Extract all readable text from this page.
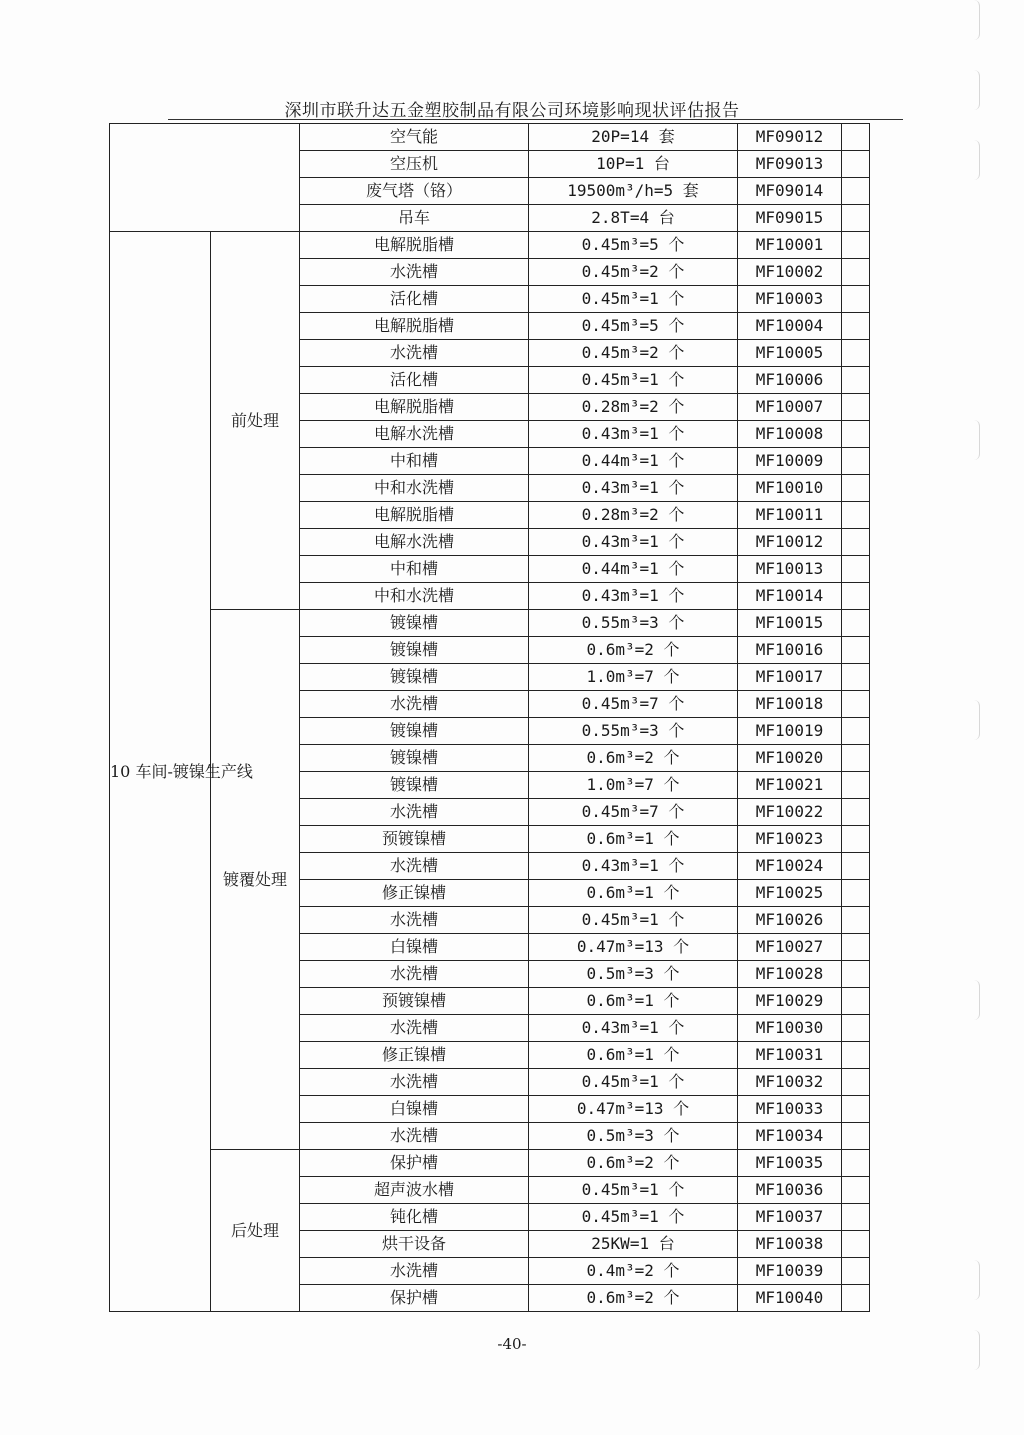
深圳市联升达五金塑胶制品有限公司环境影响现状评估报告
		空气能	20P=14 套	MF09012	
		空压机	10P=1 台	MF09013	
		废气塔（铬）	19500m³/h=5 套	MF09014	
		吊车	2.8T=4 台	MF09015	
10 车间-镀镍生产线	前处理	电解脱脂槽	0.45m³=5 个	MF10001	
		水洗槽	0.45m³=2 个	MF10002	
		活化槽	0.45m³=1 个	MF10003	
		电解脱脂槽	0.45m³=5 个	MF10004	
		水洗槽	0.45m³=2 个	MF10005	
		活化槽	0.45m³=1 个	MF10006	
		电解脱脂槽	0.28m³=2 个	MF10007	
		电解水洗槽	0.43m³=1 个	MF10008	
		中和槽	0.44m³=1 个	MF10009	
		中和水洗槽	0.43m³=1 个	MF10010	
		电解脱脂槽	0.28m³=2 个	MF10011	
		电解水洗槽	0.43m³=1 个	MF10012	
		中和槽	0.44m³=1 个	MF10013	
		中和水洗槽	0.43m³=1 个	MF10014	
	镀覆处理	镀镍槽	0.55m³=3 个	MF10015	
		镀镍槽	0.6m³=2 个	MF10016	
		镀镍槽	1.0m³=7 个	MF10017	
		水洗槽	0.45m³=7 个	MF10018	
		镀镍槽	0.55m³=3 个	MF10019	
		镀镍槽	0.6m³=2 个	MF10020	
		镀镍槽	1.0m³=7 个	MF10021	
		水洗槽	0.45m³=7 个	MF10022	
		预镀镍槽	0.6m³=1 个	MF10023	
		水洗槽	0.43m³=1 个	MF10024	
		修正镍槽	0.6m³=1 个	MF10025	
		水洗槽	0.45m³=1 个	MF10026	
		白镍槽	0.47m³=13 个	MF10027	
		水洗槽	0.5m³=3 个	MF10028	
		预镀镍槽	0.6m³=1 个	MF10029	
		水洗槽	0.43m³=1 个	MF10030	
		修正镍槽	0.6m³=1 个	MF10031	
		水洗槽	0.45m³=1 个	MF10032	
		白镍槽	0.47m³=13 个	MF10033	
		水洗槽	0.5m³=3 个	MF10034	
	后处理	保护槽	0.6m³=2 个	MF10035	
		超声波水槽	0.45m³=1 个	MF10036	
		钝化槽	0.45m³=1 个	MF10037	
		烘干设备	25KW=1 台	MF10038	
		水洗槽	0.4m³=2 个	MF10039	
		保护槽	0.6m³=2 个	MF10040	
-40-
